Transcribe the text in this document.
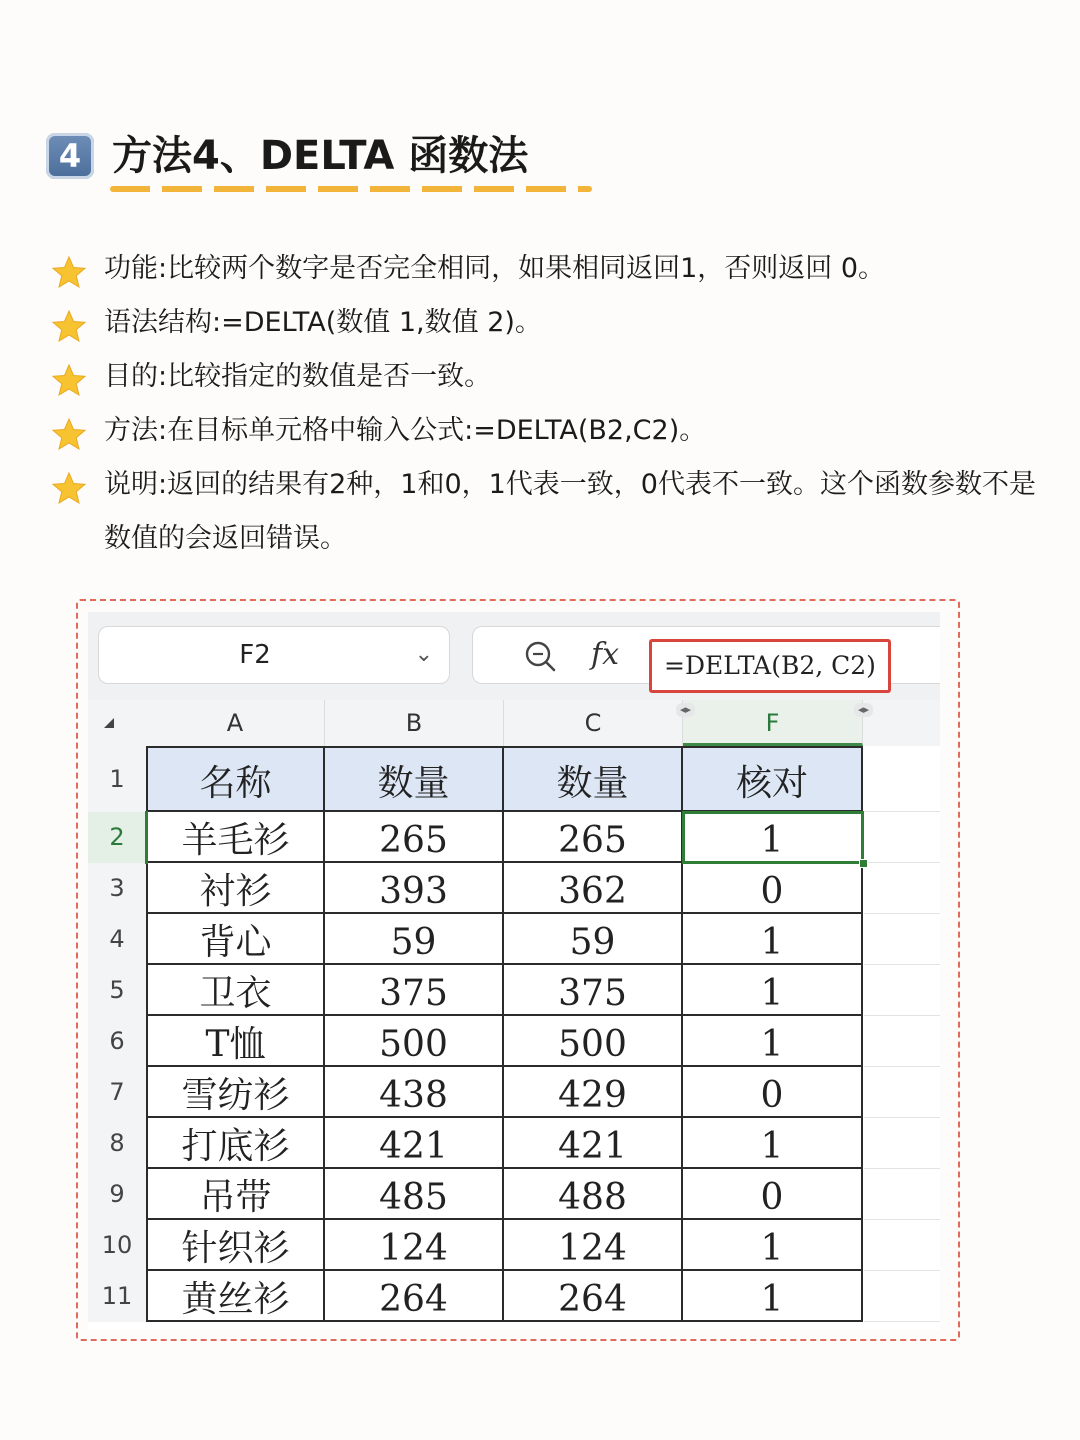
4 方法4、DELTA 函数法
功能:比较两个数字是否完全相同，如果相同返回1，否则返回 0。
语法结构:=DELTA(数值 1,数值 2)。
目的:比较指定的数值是否一致。
方法:在目标单元格中输入公式:=DELTA(B2,C2)。
说明:返回的结果有2种，1和0，1代表一致，0代表不一致。这个函数参数不是数值的会返回错误。
F2	⌄	fx	=DELTA(B2, C2)
A	B	C	F
◂▸	◂▸
1	名称	数量	数量	核对
2	羊毛衫	265	265	1
3	衬衫	393	362	0
4	背心	59	59	1
5	卫衣	375	375	1
6	T恤	500	500	1
7	雪纺衫	438	429	0
8	打底衫	421	421	1
9	吊带	485	488	0
10	针织衫	124	124	1
11	黄丝衫	264	264	1
